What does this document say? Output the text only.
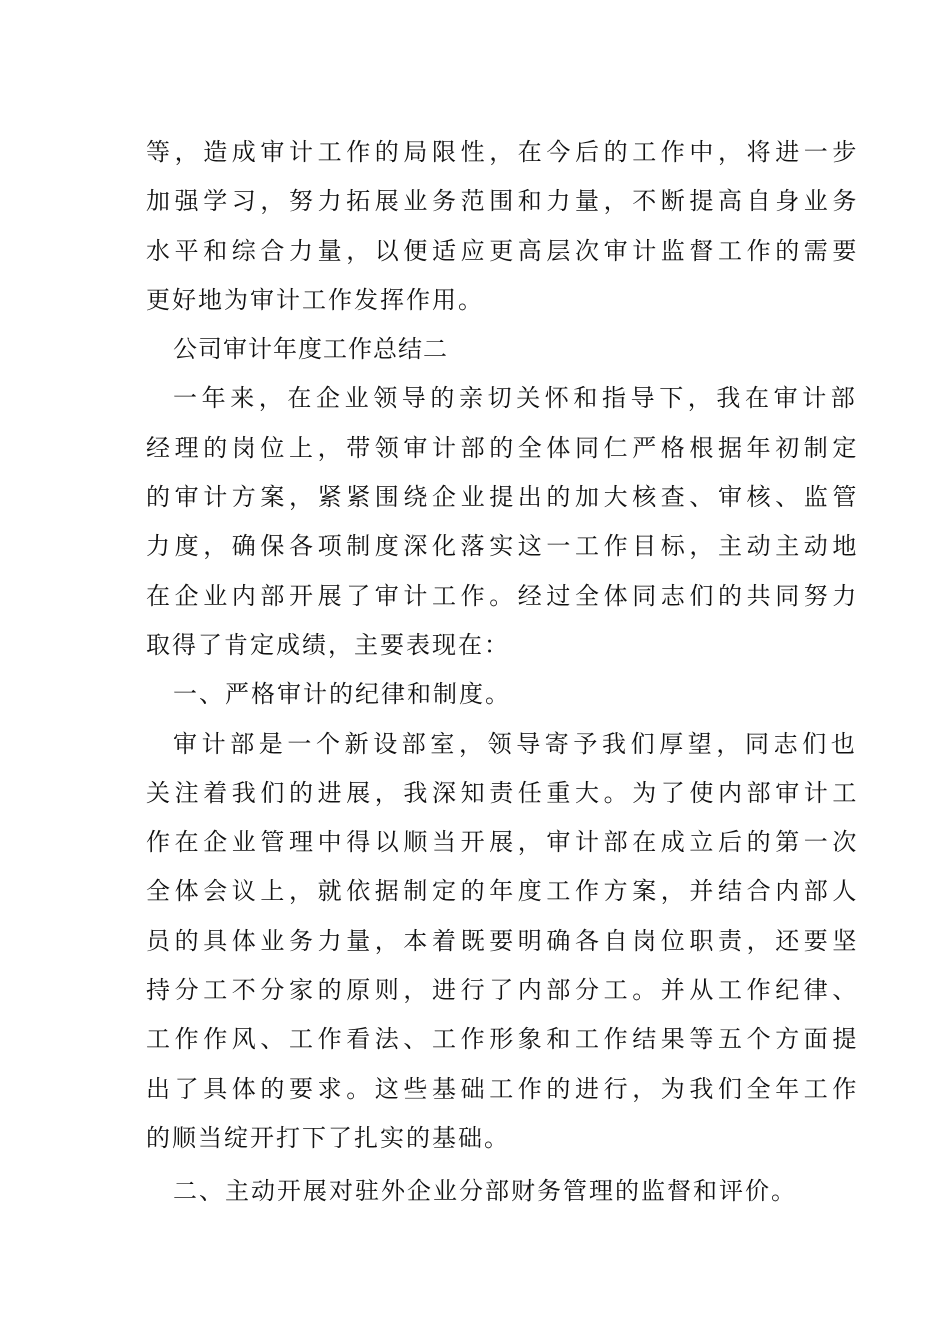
等，造成审计工作的局限性，在今后的工作中，将进一步
加强学习，努力拓展业务范围和力量，不断提高自身业务
水平和综合力量，以便适应更高层次审计监督工作的需要
更好地为审计工作发挥作用。
公司审计年度工作总结二
一年来，在企业领导的亲切关怀和指导下，我在审计部
经理的岗位上，带领审计部的全体同仁严格根据年初制定
的审计方案，紧紧围绕企业提出的加大核查、审核、监管
力度，确保各项制度深化落实这一工作目标，主动主动地
在企业内部开展了审计工作。经过全体同志们的共同努力
取得了肯定成绩，主要表现在：
一、严格审计的纪律和制度。
审计部是一个新设部室，领导寄予我们厚望，同志们也
关注着我们的进展，我深知责任重大。为了使内部审计工
作在企业管理中得以顺当开展，审计部在成立后的第一次
全体会议上，就依据制定的年度工作方案，并结合内部人
员的具体业务力量，本着既要明确各自岗位职责，还要坚
持分工不分家的原则，进行了内部分工。并从工作纪律、
工作作风、工作看法、工作形象和工作结果等五个方面提
出了具体的要求。这些基础工作的进行，为我们全年工作
的顺当绽开打下了扎实的基础。
二、主动开展对驻外企业分部财务管理的监督和评价。
